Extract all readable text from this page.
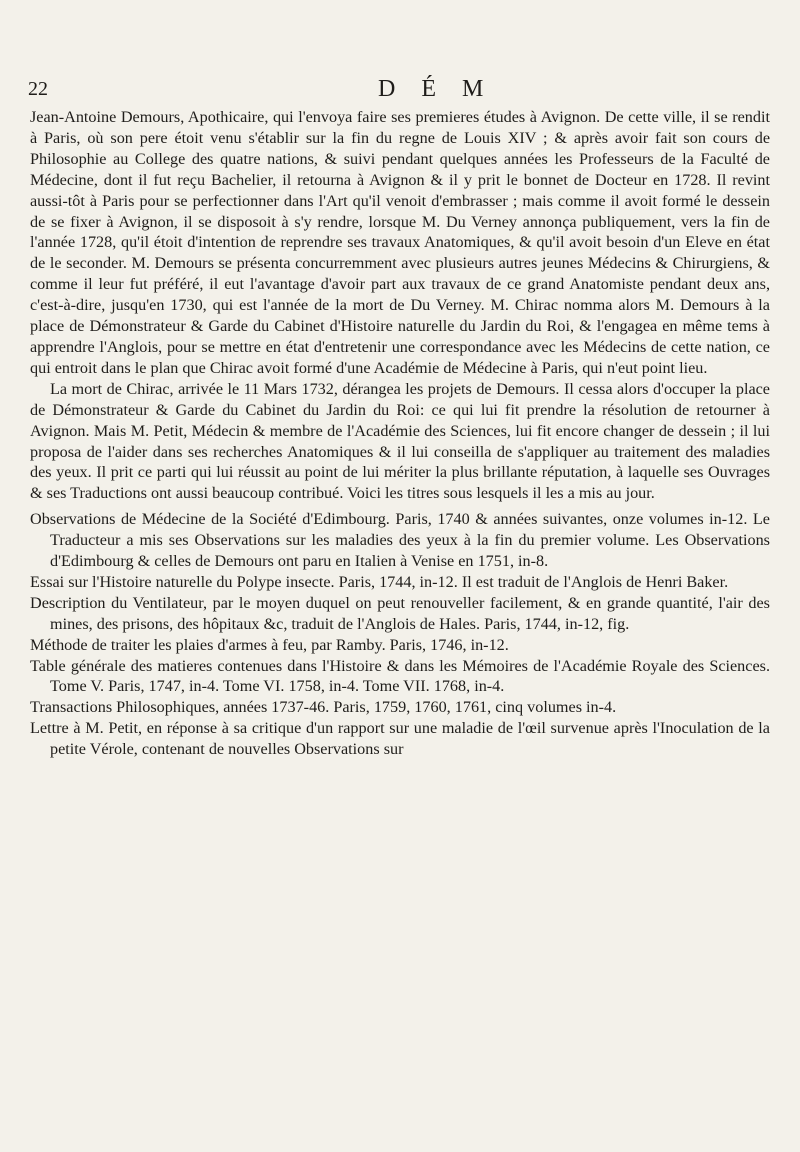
22	D É M

Jean-Antoine Demours, Apothicaire, qui l'envoya faire ses premieres études à Avignon. De cette ville, il se rendit à Paris, où son pere étoit venu s'établir sur la fin du regne de Louis XIV ; & après avoir fait son cours de Philosophie au College des quatre nations, & suivi pendant quelques années les Professeurs de la Faculté de Médecine, dont il fut reçu Bachelier, il retourna à Avignon & il y prit le bonnet de Docteur en 1728. Il revint aussi-tôt à Paris pour se perfectionner dans l'Art qu'il venoit d'embrasser ; mais comme il avoit formé le dessein de se fixer à Avignon, il se disposoit à s'y rendre, lorsque M. Du Verney annonça publiquement, vers la fin de l'année 1728, qu'il étoit d'intention de reprendre ses travaux Anatomiques, & qu'il avoit besoin d'un Eleve en état de le seconder. M. Demours se présenta concurremment avec plusieurs autres jeunes Médecins & Chirurgiens, & comme il leur fut préféré, il eut l'avantage d'avoir part aux travaux de ce grand Anatomiste pendant deux ans, c'est-à-dire, jusqu'en 1730, qui est l'année de la mort de Du Verney. M. Chirac nomma alors M. Demours à la place de Démonstrateur & Garde du Cabinet d'Histoire naturelle du Jardin du Roi, & l'engagea en même tems à apprendre l'Anglois, pour se mettre en état d'entretenir une correspondance avec les Médecins de cette nation, ce qui entroit dans le plan que Chirac avoit formé d'une Académie de Médecine à Paris, qui n'eut point lieu.

La mort de Chirac, arrivée le 11 Mars 1732, dérangea les projets de Demours. Il cessa alors d'occuper la place de Démonstrateur & Garde du Cabinet du Jardin du Roi: ce qui lui fit prendre la résolution de retourner à Avignon. Mais M. Petit, Médecin & membre de l'Académie des Sciences, lui fit encore changer de dessein ; il lui proposa de l'aider dans ses recherches Anatomiques & il lui conseilla de s'appliquer au traitement des maladies des yeux. Il prit ce parti qui lui réussit au point de lui mériter la plus brillante réputation, à laquelle ses Ouvrages & ses Traductions ont aussi beaucoup contribué. Voici les titres sous lesquels il les a mis au jour.

Observations de Médecine de la Société d'Edimbourg. Paris, 1740 & années suivantes, onze volumes in-12. Le Traducteur a mis ses Observations sur les maladies des yeux à la fin du premier volume. Les Observations d'Edimbourg & celles de Demours ont paru en Italien à Venise en 1751, in-8.

Essai sur l'Histoire naturelle du Polype insecte. Paris, 1744, in-12. Il est traduit de l'Anglois de Henri Baker.

Description du Ventilateur, par le moyen duquel on peut renouveller facilement, & en grande quantité, l'air des mines, des prisons, des hôpitaux &c, traduit de l'Anglois de Hales. Paris, 1744, in-12, fig.

Méthode de traiter les plaies d'armes à feu, par Ramby. Paris, 1746, in-12.

Table générale des matieres contenues dans l'Histoire & dans les Mémoires de l'Académie Royale des Sciences. Tome V. Paris, 1747, in-4. Tome VI. 1758, in-4. Tome VII. 1768, in-4.

Transactions Philosophiques, années 1737-46. Paris, 1759, 1760, 1761, cinq volumes in-4.

Lettre à M. Petit, en réponse à sa critique d'un rapport sur une maladie de l'œil survenue après l'Inoculation de la petite Vérole, contenant de nouvelles Observations sur
